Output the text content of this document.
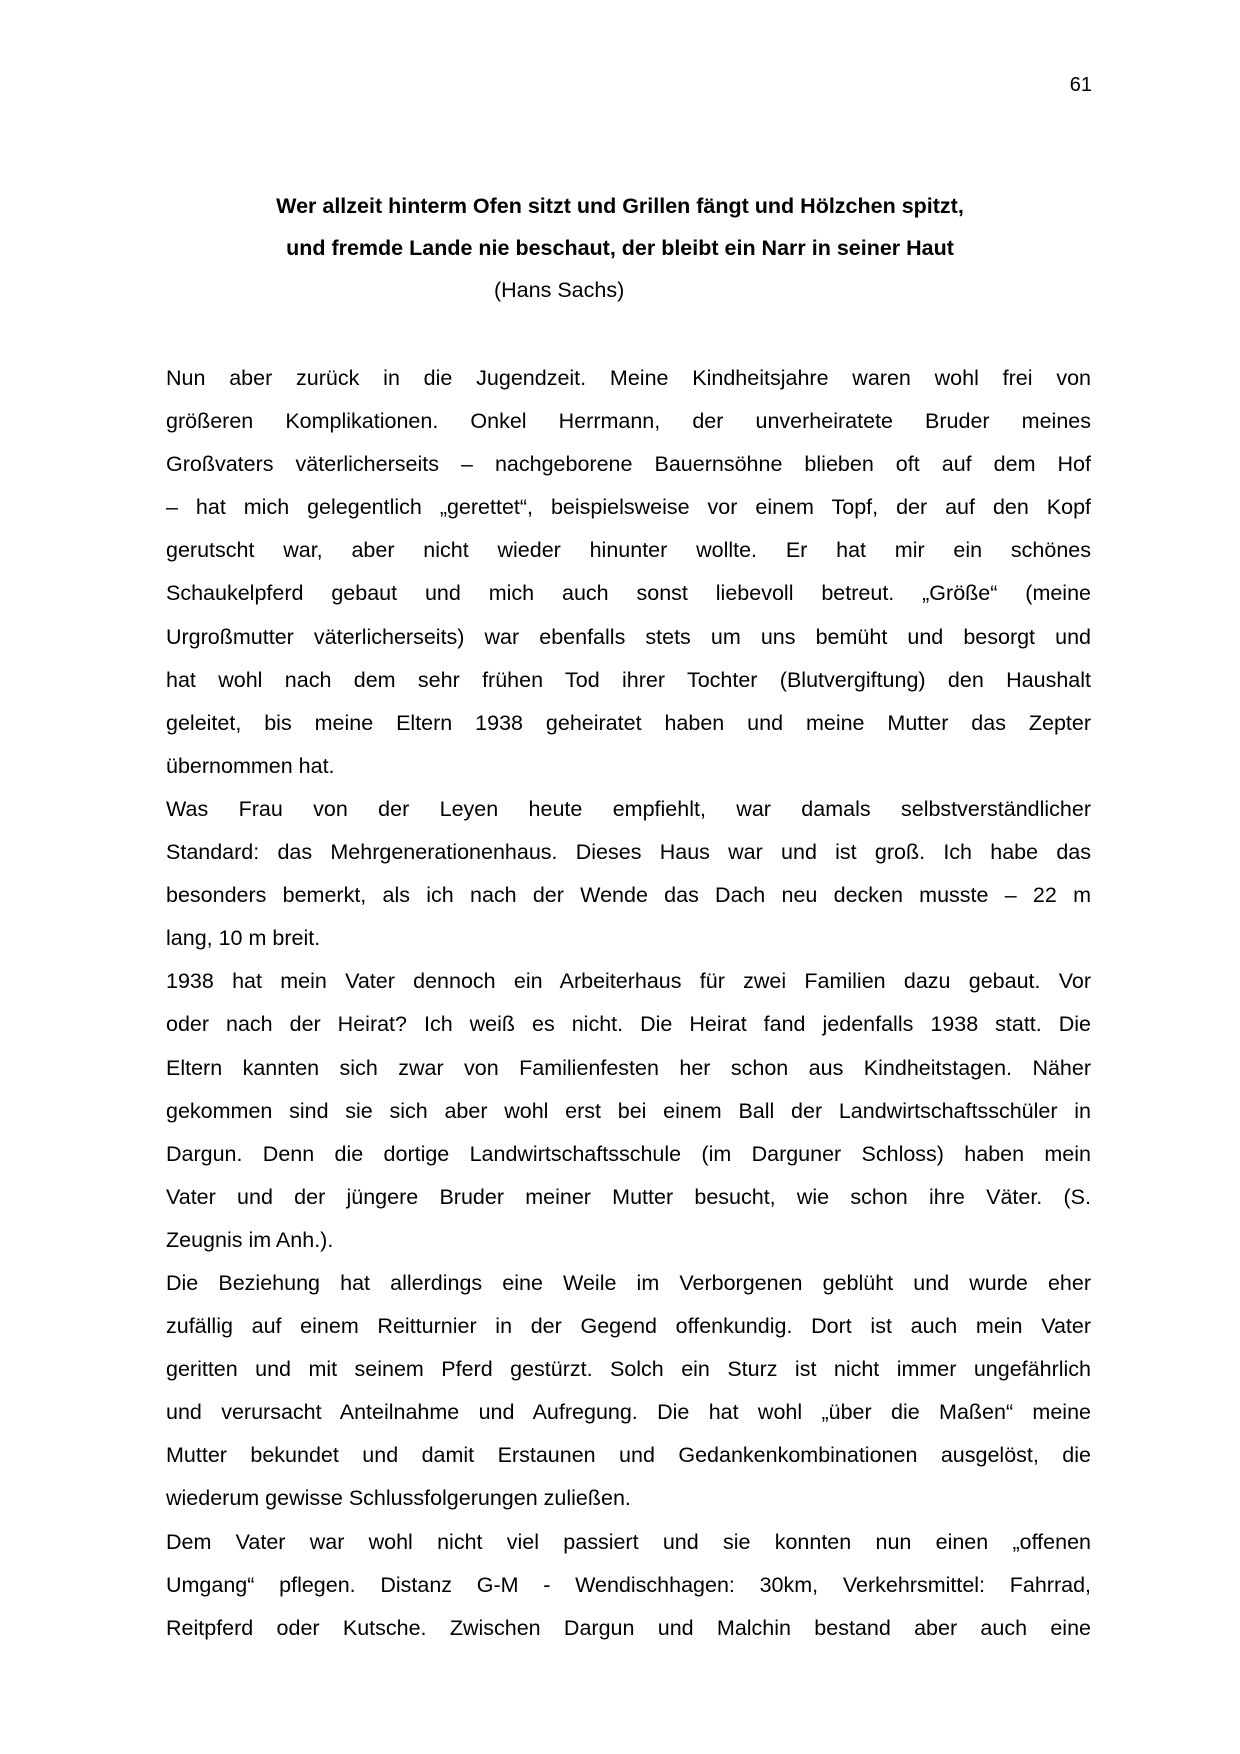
61
Wer allzeit hinterm Ofen sitzt und Grillen fängt und Hölzchen spitzt,
und fremde Lande nie beschaut, der bleibt ein Narr in seiner Haut
(Hans Sachs)
Nun aber zurück in die Jugendzeit. Meine Kindheitsjahre waren wohl frei von
größeren Komplikationen. Onkel Herrmann, der unverheiratete Bruder meines
Großvaters väterlicherseits – nachgeborene Bauernsöhne blieben oft auf dem Hof
– hat mich gelegentlich „gerettet“, beispielsweise vor einem Topf, der auf den Kopf
gerutscht war, aber nicht wieder hinunter wollte. Er hat mir ein schönes
Schaukelpferd gebaut und mich auch sonst liebevoll betreut. „Größe“ (meine
Urgroßmutter väterlicherseits) war ebenfalls stets um uns bemüht und besorgt und
hat wohl nach dem sehr frühen Tod ihrer Tochter (Blutvergiftung) den Haushalt
geleitet, bis meine Eltern 1938 geheiratet haben und meine Mutter das Zepter
übernommen hat.
Was Frau von der Leyen heute empfiehlt, war damals selbstverständlicher
Standard: das Mehrgenerationenhaus. Dieses Haus war und ist groß. Ich habe das
besonders bemerkt, als ich nach der Wende das Dach neu decken musste – 22 m
lang, 10 m breit.
1938 hat mein Vater dennoch ein Arbeiterhaus für zwei Familien dazu gebaut. Vor
oder nach der Heirat? Ich weiß es nicht. Die Heirat fand jedenfalls 1938 statt. Die
Eltern kannten sich zwar von Familienfesten her schon aus Kindheitstagen. Näher
gekommen sind sie sich aber wohl erst bei einem Ball der Landwirtschaftsschüler in
Dargun. Denn die dortige Landwirtschaftsschule (im Darguner Schloss) haben mein
Vater und der jüngere Bruder meiner Mutter besucht, wie schon ihre Väter. (S.
Zeugnis im Anh.).
Die Beziehung hat allerdings eine Weile im Verborgenen geblüht und wurde eher
zufällig auf einem Reitturnier in der Gegend offenkundig. Dort ist auch mein Vater
geritten und mit seinem Pferd gestürzt. Solch ein Sturz ist nicht immer ungefährlich
und verursacht Anteilnahme und Aufregung. Die hat wohl „über die Maßen“ meine
Mutter bekundet und damit Erstaunen und Gedankenkombinationen ausgelöst, die
wiederum gewisse Schlussfolgerungen zuließen.
Dem Vater war wohl nicht viel passiert und sie konnten nun einen „offenen
Umgang“ pflegen. Distanz G-M - Wendischhagen: 30km, Verkehrsmittel: Fahrrad,
Reitpferd oder Kutsche. Zwischen Dargun und Malchin bestand aber auch eine
